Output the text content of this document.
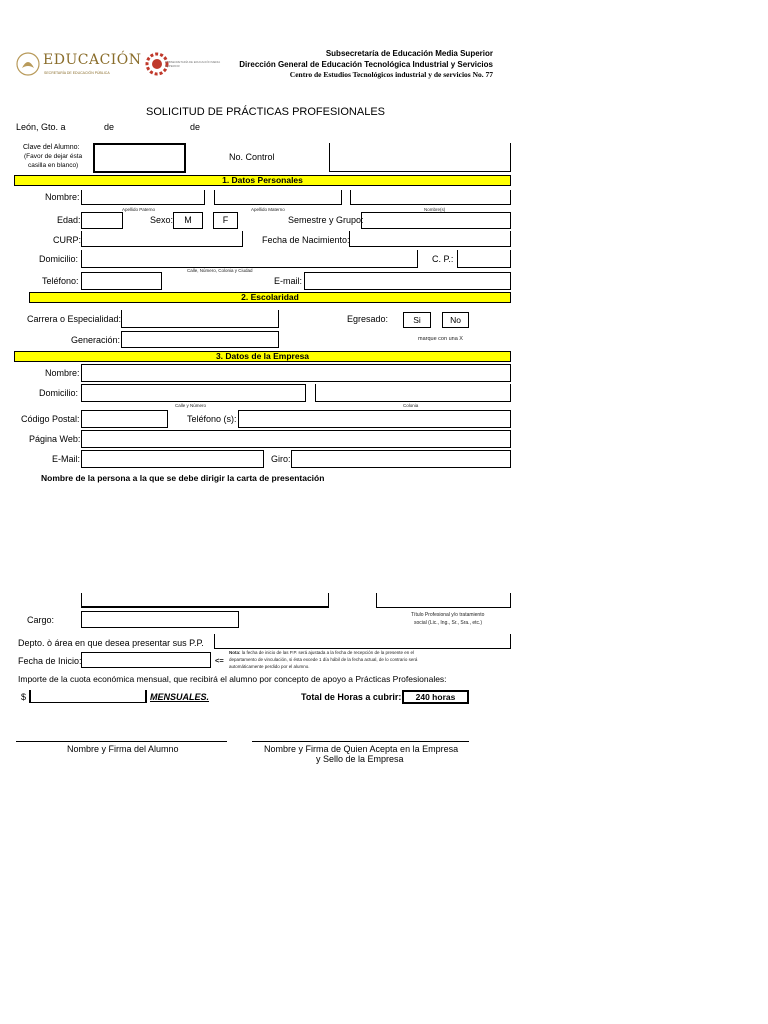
EDUCACIÓN
SECRETARÍA DE EDUCACIÓN PÚBLICA
SUBSECRETARÍA DE EDUCACIÓN MEDIA SUPERIOR
Subsecretaría de Educación Media Superior
Dirección General de Educación Tecnológica Industrial y Servicios
Centro de Estudios Tecnológicos industrial y de servicios No. 77
SOLICITUD DE PRÁCTICAS PROFESIONALES
León, Gto. a	de	de
Clave del Alumno:
(Favor de dejar ésta
casilla en blanco)
No. Control
1. Datos Personales
Nombre:
Apellido Paterno	Apellido Materno	Nombre(s)
Edad:	Sexo:	M	F	Semestre y Grupo:
CURP:	Fecha de Nacimiento:
Domicilio:	C. P.:
Calle, Número, Colonia y Ciudad
Teléfono:	E-mail:
2. Escolaridad
Carrera o Especialidad:	Egresado:	Si	No
Generación:	marque con una X
3. Datos de la Empresa
Nombre:
Domicilio:
Calle y Número	Colonia
Código Postal:	Teléfono (s):
Página Web:
E-Mail:	Giro:
Nombre de la persona a la que se debe dirigir la carta de presentación
Título Profesional y/o tratamiento
social (Lic., Ing., Sr., Sra., etc.)
Cargo:
Depto. ò área en que desea presentar sus P.P.
Fecha de Inicio:	<=
Nota: la fecha de inicio de las P.P. será ajustada a la fecha de recepción de la presente en el
departamento de vinculación, si ésta excede 1 día hábil de la fecha actual, de lo contrario será
automáticamente perdido por el alumno.
Importe de la cuota económica mensual, que recibirá el alumno por concepto de apoyo a Prácticas Profesionales:
$	MENSUALES.	Total de Horas a cubrir:	240 horas
Nombre y Firma del Alumno	Nombre y Firma de Quien Acepta en la Empresa
y Sello de la Empresa
